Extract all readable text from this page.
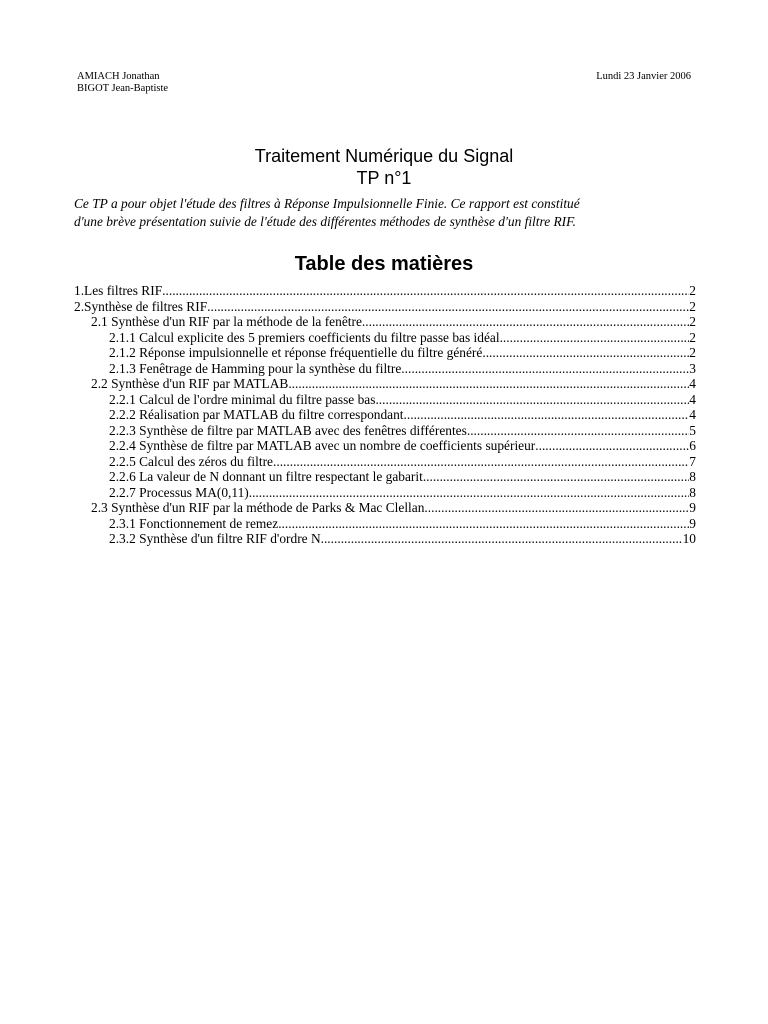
AMIACH Jonathan
BIGOT Jean-Baptiste
Lundi 23 Janvier 2006
Traitement Numérique du Signal
TP n°1
Ce TP a pour objet l'étude des filtres à Réponse Impulsionnelle Finie. Ce rapport est constitué
d'une brève présentation suivie de l'étude des différentes méthodes de synthèse d'un filtre RIF.
Table des matières
1.Les filtres RIF .....	2
2.Synthèse de filtres RIF .....	2
2.1 Synthèse d'un RIF par la méthode de la fenêtre .....	2
2.1.1 Calcul explicite des 5 premiers coefficients du filtre passe bas idéal .....	2
2.1.2 Réponse impulsionnelle et réponse fréquentielle du filtre généré .....	2
2.1.3 Fenêtrage de Hamming pour la synthèse du filtre .....	3
2.2 Synthèse d'un RIF par MATLAB .....	4
2.2.1 Calcul de l'ordre minimal du filtre passe bas .....	4
2.2.2 Réalisation par MATLAB du filtre correspondant .....	4
2.2.3 Synthèse de filtre par MATLAB avec des fenêtres différentes .....	5
2.2.4 Synthèse de filtre par MATLAB avec un nombre de coefficients supérieur .....	6
2.2.5 Calcul des zéros du filtre .....	7
2.2.6 La valeur de N donnant un filtre respectant le gabarit .....	8
2.2.7 Processus MA(0,11) .....	8
2.3 Synthèse d'un RIF par la méthode de Parks & Mac Clellan .....	9
2.3.1 Fonctionnement de remez .....	9
2.3.2 Synthèse d'un filtre RIF d'ordre N .....	10
